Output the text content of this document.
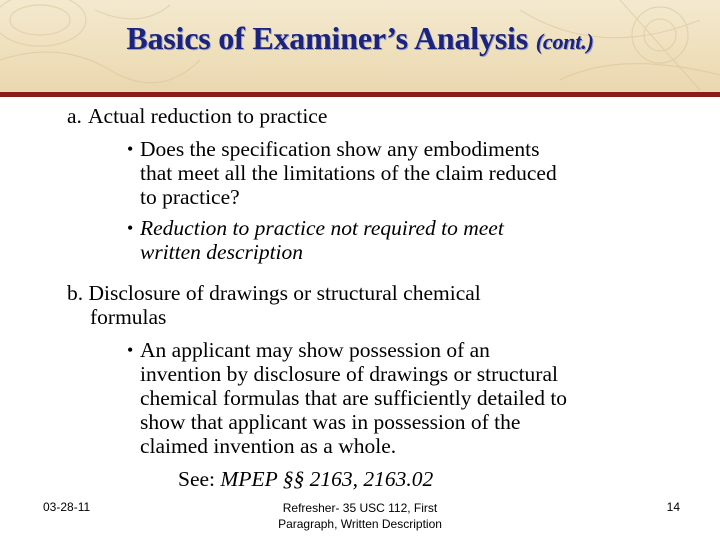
Basics of Examiner’s Analysis (cont.)
a. Actual reduction to practice
• Does the specification show any embodiments
that meet all the limitations of the claim reduced
to practice?
• Reduction to practice not required to meet
written description
b. Disclosure of drawings or structural chemical
formulas
• An applicant may show possession of an
invention by disclosure of drawings or structural
chemical formulas that are sufficiently detailed to
show that applicant was in possession of the
claimed invention as a whole.
See: MPEP §§ 2163, 2163.02
03-28-11	Refresher- 35 USC 112, First
Paragraph, Written Description
14
